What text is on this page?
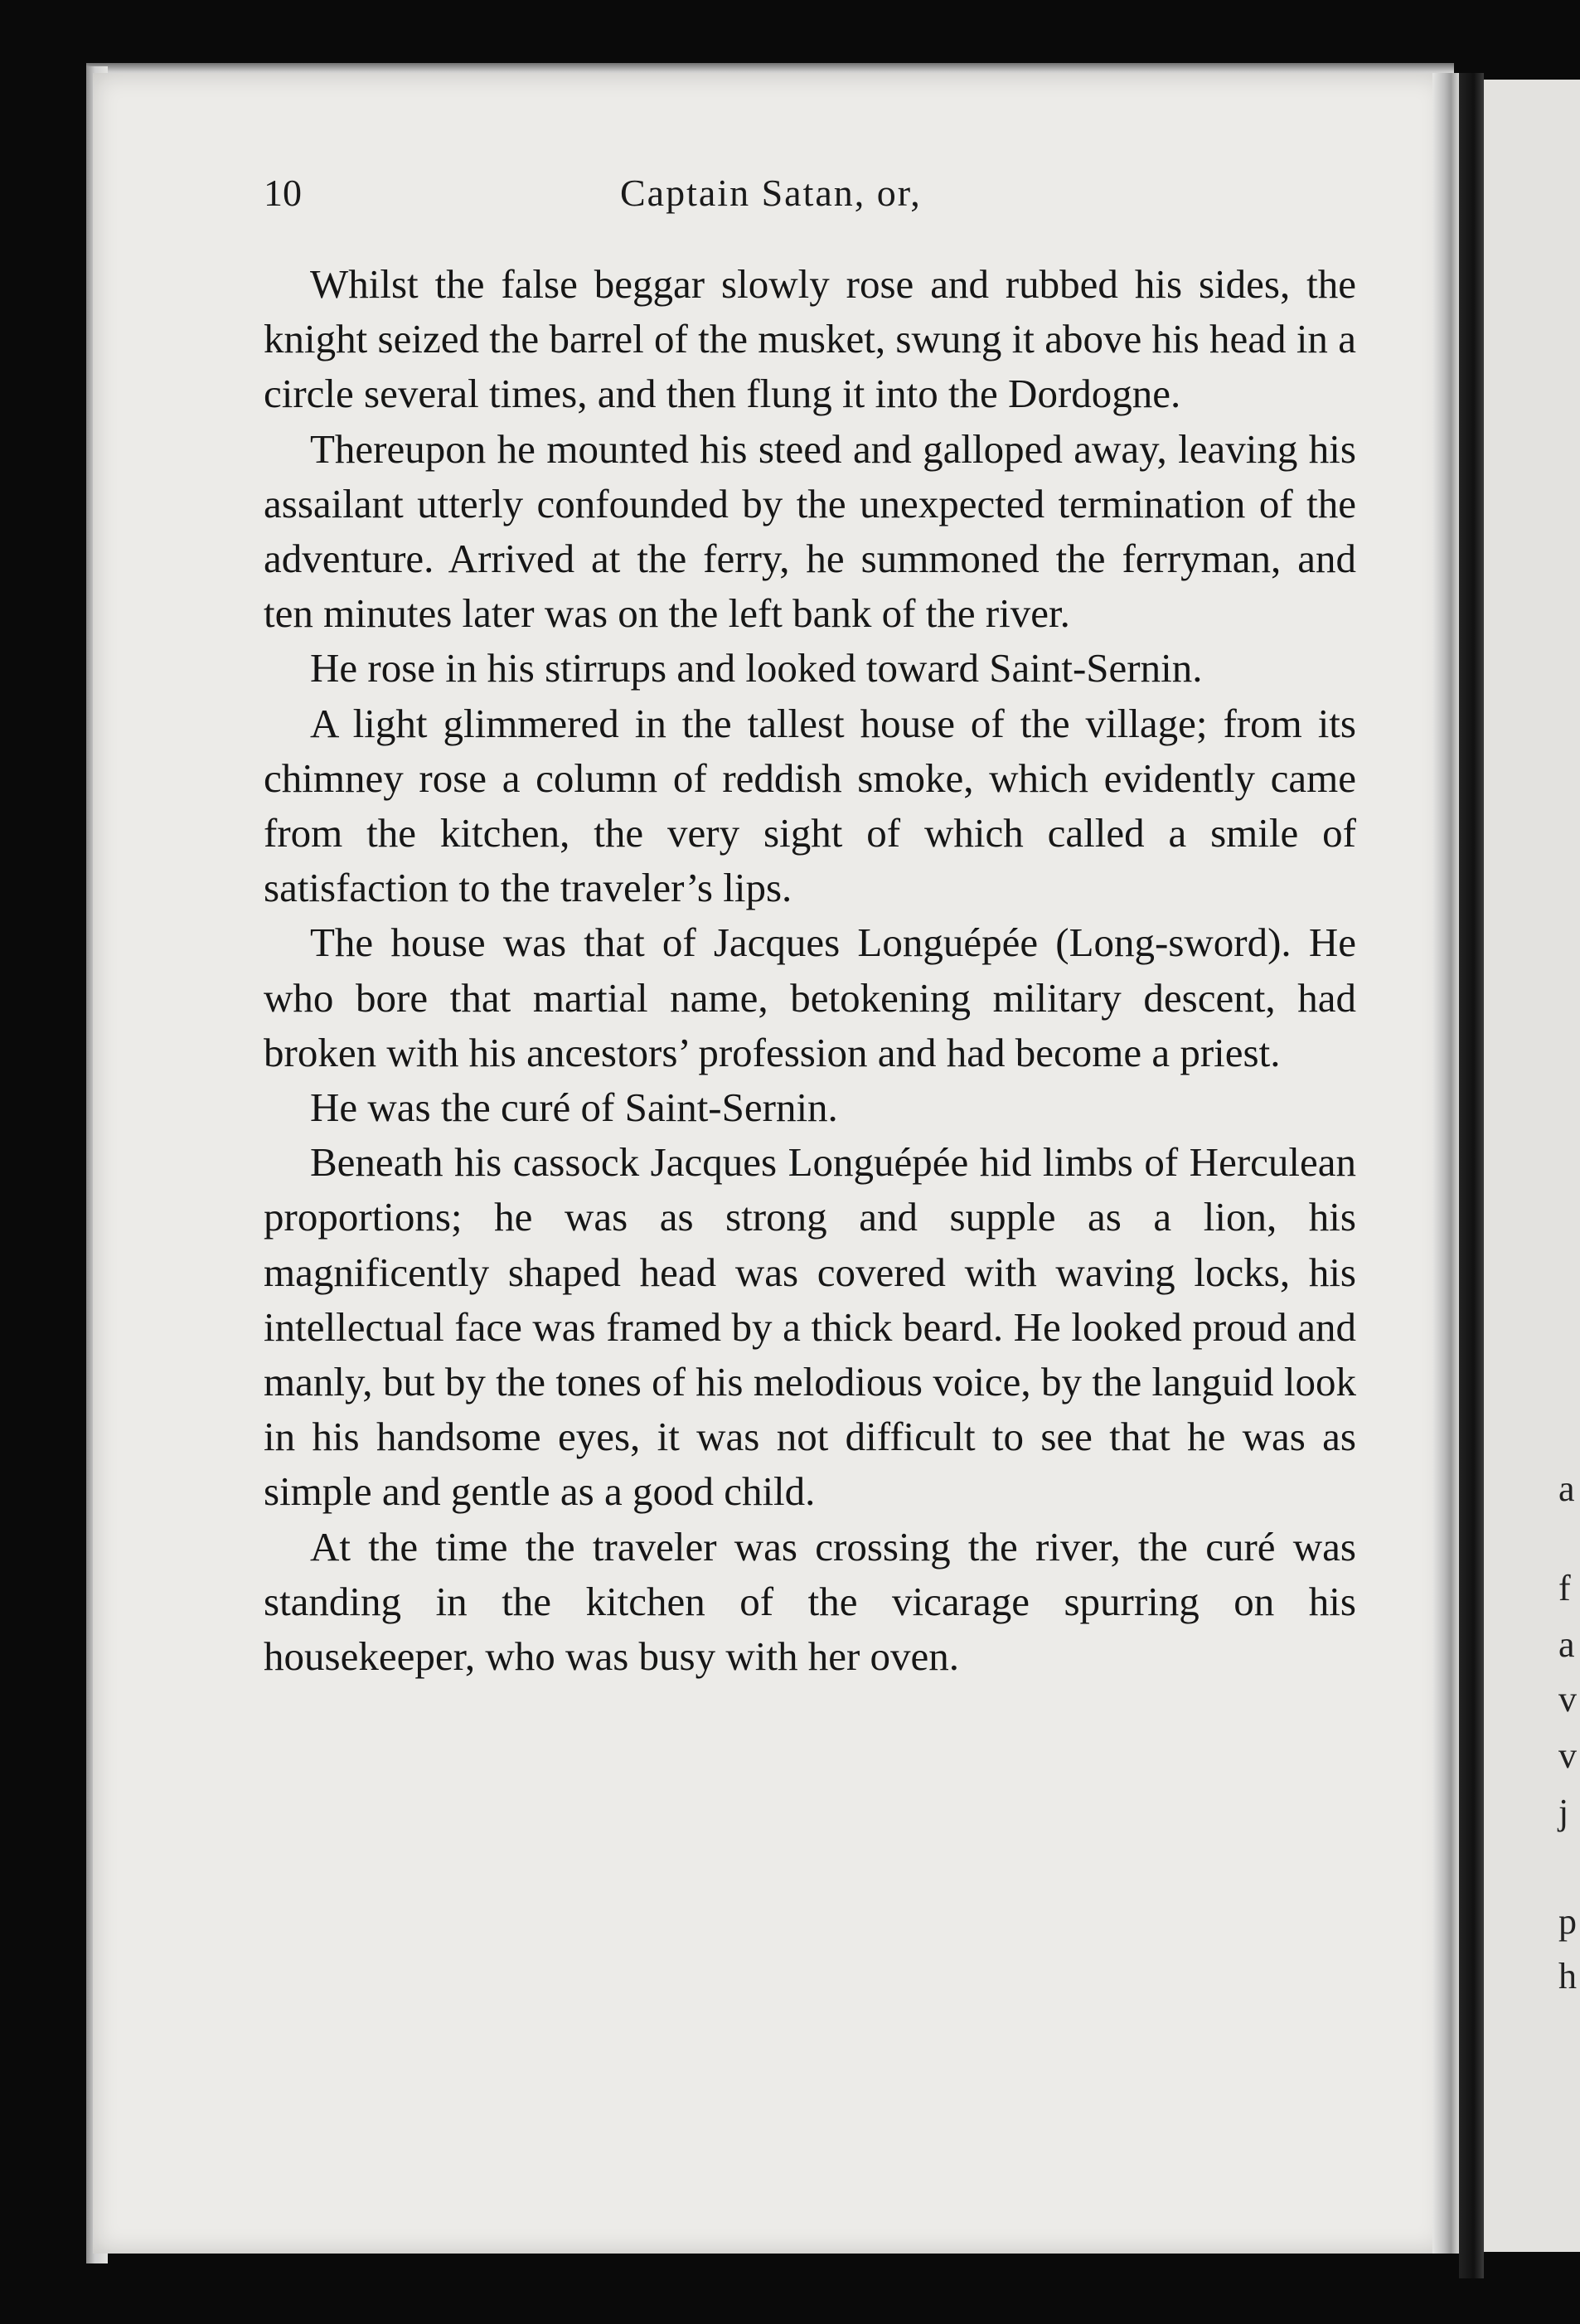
a
f
a
v
v
j
p
h
10	Captain Satan, or,

Whilst the false beggar slowly rose and rubbed his sides, the knight seized the barrel of the musket, swung it above his head in a circle several times, and then flung it into the Dordogne.

Thereupon he mounted his steed and galloped away, leaving his assailant utterly confounded by the unexpected termination of the adventure. Arrived at the ferry, he summoned the ferryman, and ten minutes later was on the left bank of the river.

He rose in his stirrups and looked toward Saint-Sernin.

A light glimmered in the tallest house of the village; from its chimney rose a column of reddish smoke, which evidently came from the kitchen, the very sight of which called a smile of satisfaction to the traveler’s lips.

The house was that of Jacques Longuépée (Long-sword). He who bore that martial name, betokening military descent, had broken with his ancestors’ profession and had become a priest.

He was the curé of Saint-Sernin.

Beneath his cassock Jacques Longuépée hid limbs of Herculean proportions; he was as strong and supple as a lion, his magnificently shaped head was covered with waving locks, his intellectual face was framed by a thick beard. He looked proud and manly, but by the tones of his melodious voice, by the languid look in his handsome eyes, it was not difficult to see that he was as simple and gentle as a good child.

At the time the traveler was crossing the river, the curé was standing in the kitchen of the vicarage spurring on his housekeeper, who was busy with her oven.
